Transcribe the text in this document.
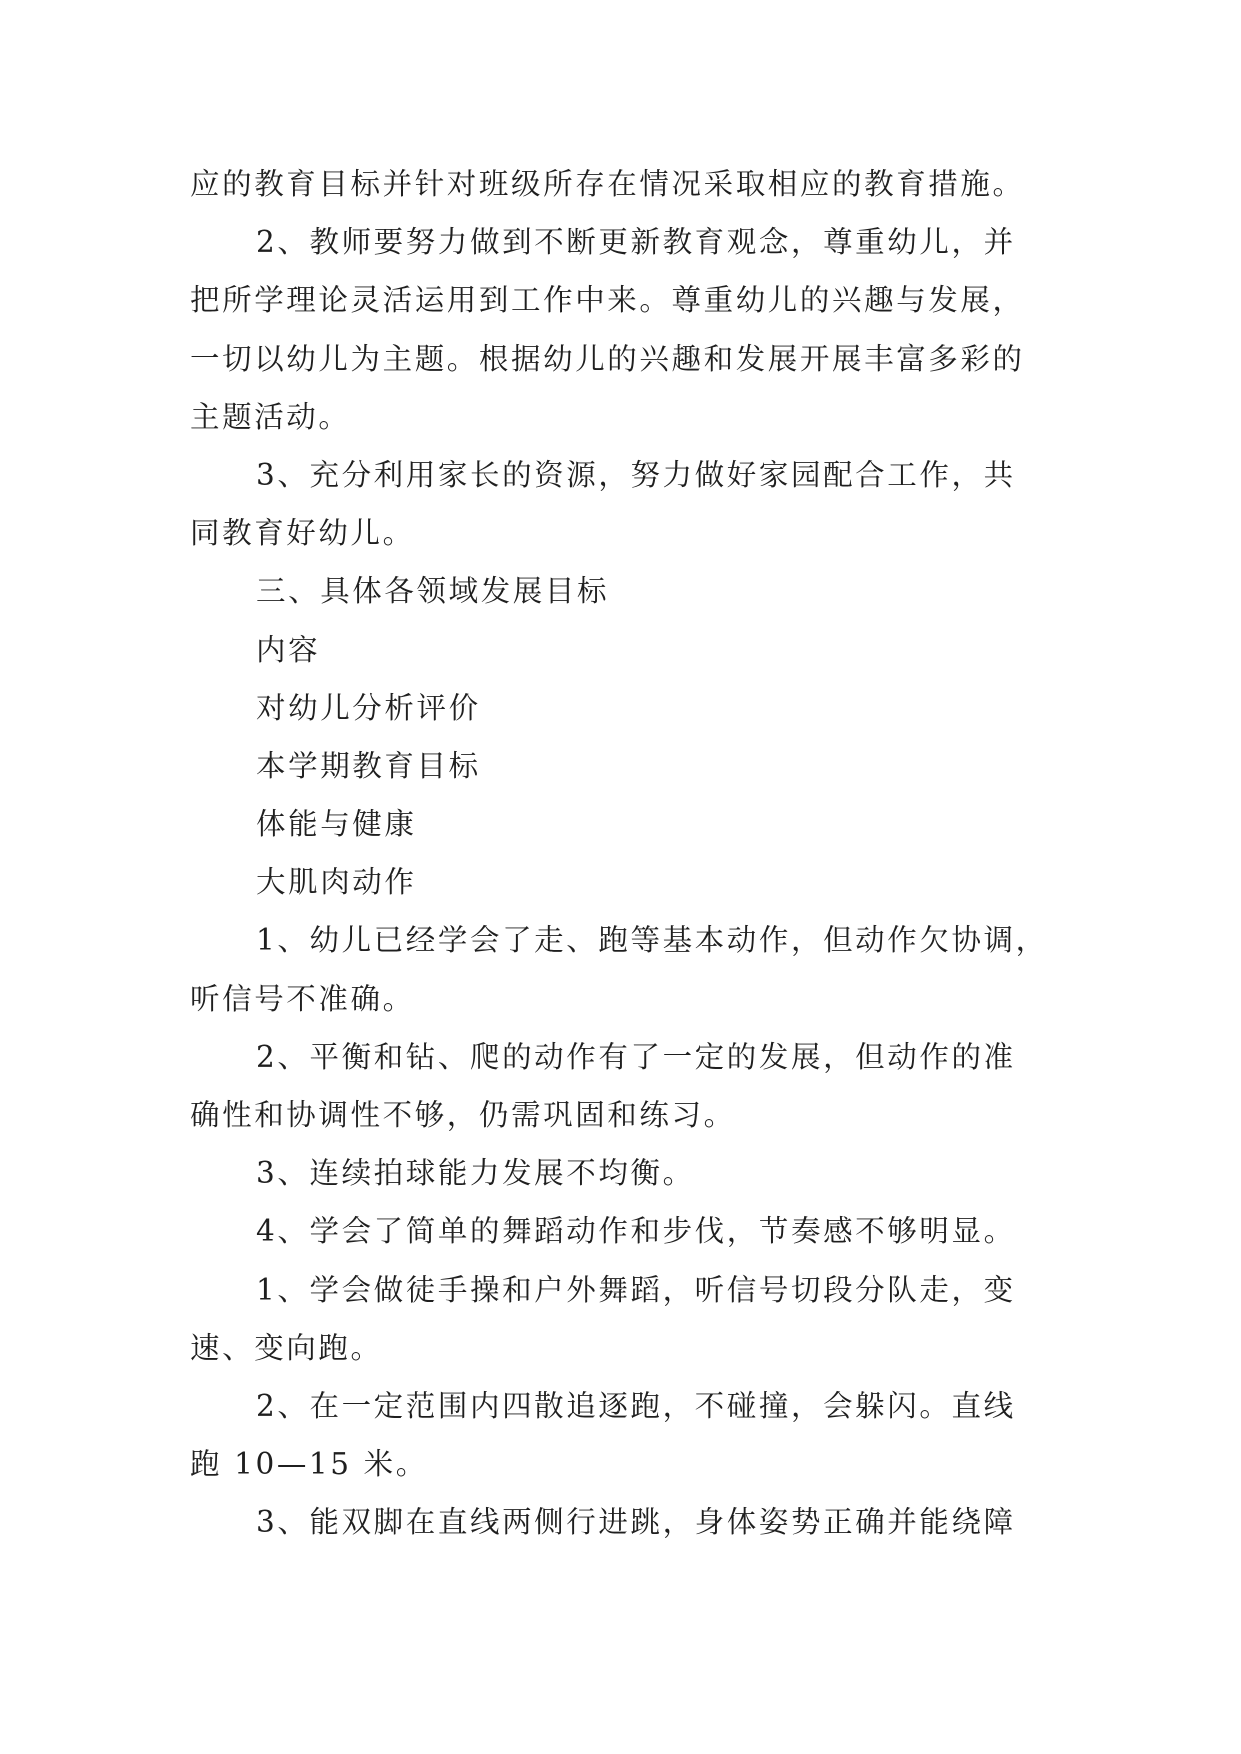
应的教育目标并针对班级所存在情况采取相应的教育措施。
2、教师要努力做到不断更新教育观念，尊重幼儿，并
把所学理论灵活运用到工作中来。尊重幼儿的兴趣与发展，
一切以幼儿为主题。根据幼儿的兴趣和发展开展丰富多彩的
主题活动。
3、充分利用家长的资源，努力做好家园配合工作，共
同教育好幼儿。
三、具体各领域发展目标
内容
对幼儿分析评价
本学期教育目标
体能与健康
大肌肉动作
1、幼儿已经学会了走、跑等基本动作，但动作欠协调，
听信号不准确。
2、平衡和钻、爬的动作有了一定的发展，但动作的准
确性和协调性不够，仍需巩固和练习。
3、连续拍球能力发展不均衡。
4、学会了简单的舞蹈动作和步伐，节奏感不够明显。
1、学会做徒手操和户外舞蹈，听信号切段分队走，变
速、变向跑。
2、在一定范围内四散追逐跑，不碰撞，会躲闪。直线
跑 10—15 米。
3、能双脚在直线两侧行进跳，身体姿势正确并能绕障
